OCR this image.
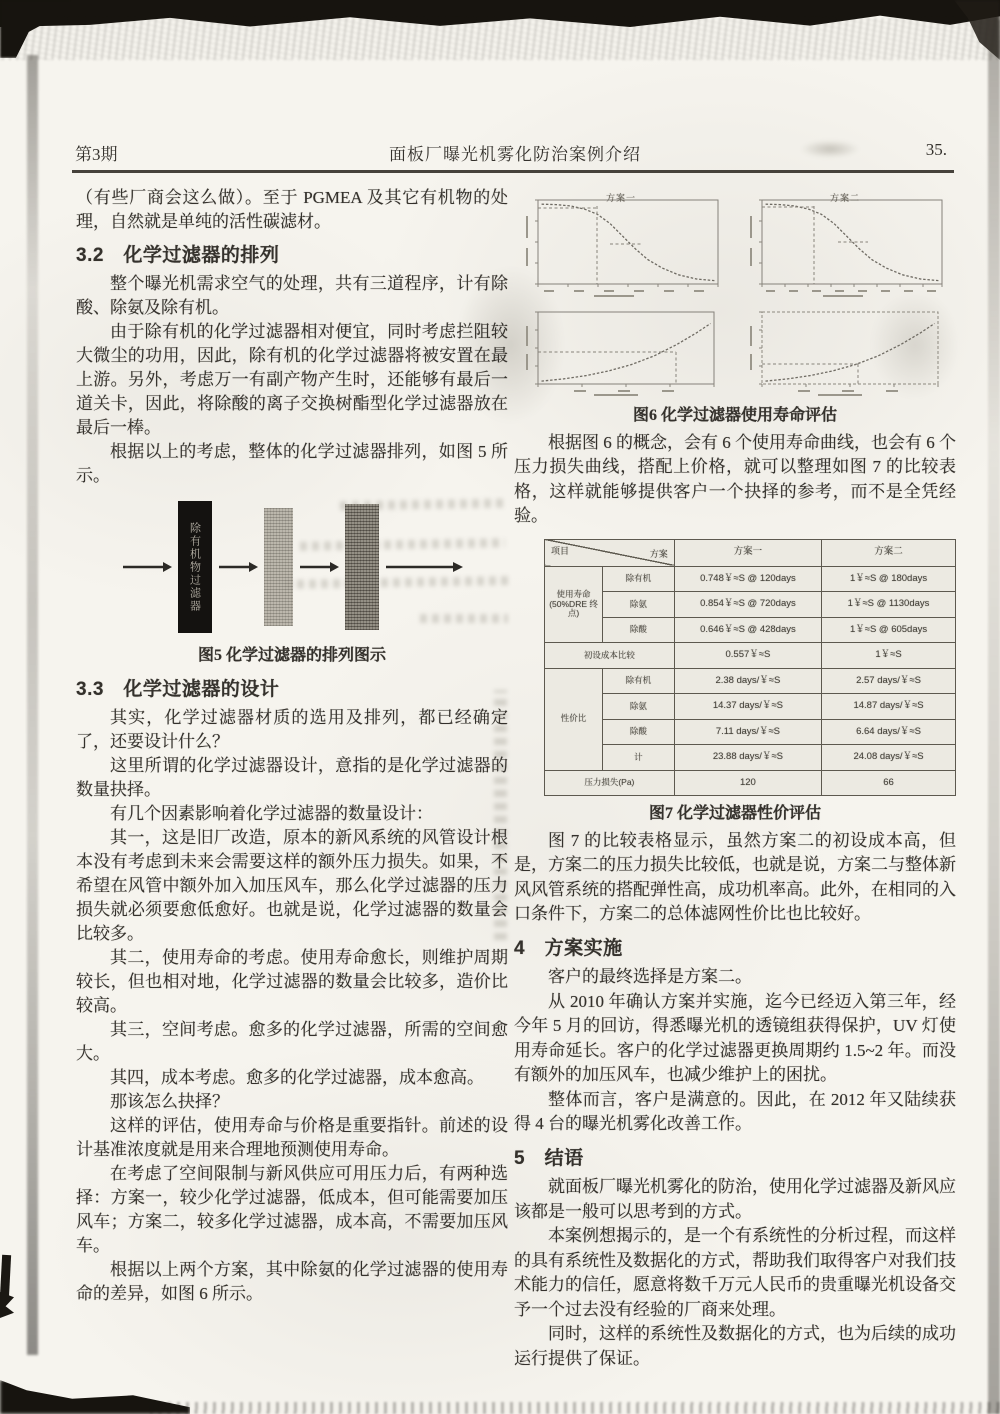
第3期	面板厂曝光机雾化防治案例介绍	35.

（有些厂商会这么做）。至于 PGMEA 及其它有机物的处理，自然就是单纯的活性碳滤材。

3.2　化学过滤器的排列

整个曝光机需求空气的处理，共有三道程序，计有除酸、除氨及除有机。

由于除有机的化学过滤器相对便宜，同时考虑拦阻较大微尘的功用，因此，除有机的化学过滤器将被安置在最上游。另外，考虑万一有副产物产生时，还能够有最后一道关卡，因此，将除酸的离子交换树酯型化学过滤器放在最后一棒。

根据以上的考虑，整体的化学过滤器排列，如图 5 所示。

除有机物过滤器
图5 化学过滤器的排列图示
3.3　化学过滤器的设计

其实，化学过滤器材质的选用及排列，都已经确定了，还要设计什么？

这里所谓的化学过滤器设计，意指的是化学过滤器的数量抉择。

有几个因素影响着化学过滤器的数量设计：

其一，这是旧厂改造，原本的新风系统的风管设计根本没有考虑到未来会需要这样的额外压力损失。如果，不希望在风管中额外加入加压风车，那么化学过滤器的压力损失就必须要愈低愈好。也就是说，化学过滤器的数量会比较多。

其二，使用寿命的考虑。使用寿命愈长，则维护周期较长，但也相对地，化学过滤器的数量会比较多，造价比较高。

其三，空间考虑。愈多的化学过滤器，所需的空间愈大。

其四，成本考虑。愈多的化学过滤器，成本愈高。

那该怎么抉择？

这样的评估，使用寿命与价格是重要指针。前述的设计基准浓度就是用来合理地预测使用寿命。

在考虑了空间限制与新风供应可用压力后，有两种选择：方案一，较少化学过滤器，低成本，但可能需要加压风车；方案二，较多化学过滤器，成本高，不需要加压风车。

根据以上两个方案，其中除氨的化学过滤器的使用寿命的差异，如图 6 所示。

方案一	方案二
图6 化学过滤器使用寿命评估

根据图 6 的概念，会有 6 个使用寿命曲线，也会有 6 个压力损失曲线，搭配上价格，就可以整理如图 7 的比较表格，这样就能够提供客户一个抉择的参考，而不是全凭经验。

方案
项目		方案一	方案二
使用寿命 (50%DRE 终点)	除有机	0.748￥≈S @ 120days	1￥≈S @ 180days
	除氨	0.854￥≈S @ 720days	1￥≈S @ 1130days
	除酸	0.646￥≈S @ 428days	1￥≈S @ 605days
初设成本比较		0.557￥≈S	1￥≈S
性价比	除有机	2.38 days/￥≈S	2.57 days/￥≈S
	除氨	14.37 days/￥≈S	14.87 days/￥≈S
	除酸	7.11 days/￥≈S	6.64 days/￥≈S
	计	23.88 days/￥≈S	24.08 days/￥≈S
压力损失(Pa)		120	66
图7 化学过滤器性价评估

图 7 的比较表格显示，虽然方案二的初设成本高，但是，方案二的压力损失比较低，也就是说，方案二与整体新风风管系统的搭配弹性高，成功机率高。此外，在相同的入口条件下，方案二的总体滤网性价比也比较好。

4　方案实施

客户的最终选择是方案二。

从 2010 年确认方案并实施，迄今已经迈入第三年，经今年 5 月的回访，得悉曝光机的透镜组获得保护，UV 灯使用寿命延长。客户的化学过滤器更换周期约 1.5~2 年。而没有额外的加压风车，也减少维护上的困扰。

整体而言，客户是满意的。因此，在 2012 年又陆续获得 4 台的曝光机雾化改善工作。

5　结语

就面板厂曝光机雾化的防治，使用化学过滤器及新风应该都是一般可以思考到的方式。

本案例想揭示的，是一个有系统性的分析过程，而这样的具有系统性及数据化的方式，帮助我们取得客户对我们技术能力的信任，愿意将数千万元人民币的贵重曝光机设备交予一个过去没有经验的厂商来处理。

同时，这样的系统性及数据化的方式，也为后续的成功运行提供了保证。
